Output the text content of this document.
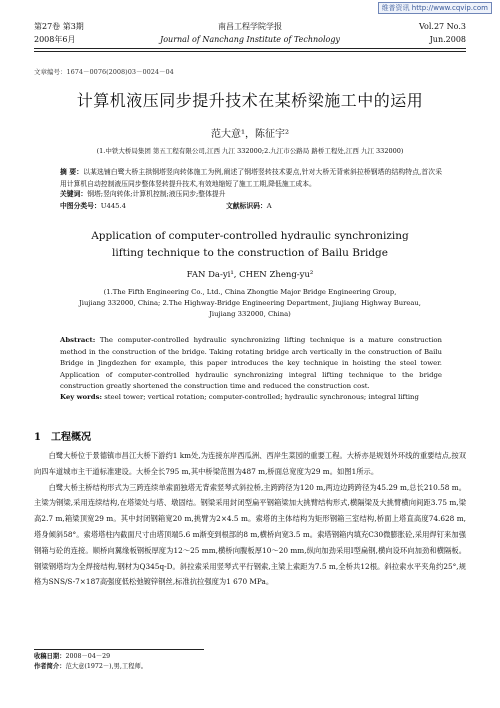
维普资讯 http://www.cqvip.com
第27卷 第3期	南昌工程学院学报	Vol.27 No.3
2008年6月	Journal of Nanchang Institute of Technology	Jun.2008
文章编号：1674－0076(2008)03－0024－04
计算机液压同步提升技术在某桥梁施工中的运用
范大意¹，陈征宇²
(1.中铁大桥局集团 第五工程有限公司,江西 九江 332000;2.九江市公路局 路桥工程处,江西 九江 332000)
摘 要：以某选铺白鹭大桥主拱钢塔竖向转体施工为例,阐述了钢塔竖转技术要点,针对大桥无背索斜拉桥钢塔的结构特点,首次采用计算机自动控制液压同步整体竖转提升技术,有效地缩短了施工工期,降低施工成本。
关键词：钢塔;竖向转体;计算机控制;液压同步;整体提升
中图分类号：U445.4	文献标识码：A
Application of computer-controlled hydraulic synchronizing
lifting technique to the construction of Bailu Bridge
FAN Da-yi¹, CHEN Zheng-yu²
(1.The Fifth Engineering Co., Ltd., China Zhongtie Major Bridge Engineering Group,
Jiujiang 332000, China; 2.The Highway-Bridge Engineering Department, Jiujiang Highway Bureau,
Jiujiang 332000, China)
Abstract: The computer-controlled hydraulic synchronizing lifting technique is a mature construction method in the construction of the bridge. Taking rotating bridge arch vertically in the construction of Bailu Bridge in Jingdezhen for example, this paper introduces the key technique in hoisting the steel tower. Application of computer-controlled hydraulic synchronizing integral lifting technique to the bridge construction greatly shortened the construction time and reduced the construction cost.
Key words: steel tower; vertical rotation; computer-controlled; hydraulic synchronous; integral lifting
1 工程概况

白鹭大桥位于景德镇市昌江大桥下游约1 km处,为连接东岸西瓜洲、西岸生菜园的重要工程。大桥亦是规划外环线的重要结点,按双向四车道城市主干道标准建设。大桥全长795 m,其中桥梁范围为487 m,桥面总宽度为29 m。如图1所示。

白鹭大桥主桥结构形式为三跨连续单索面独塔无背索竖琴式斜拉桥,主跨跨径为120 m,两边边跨跨径为45.29 m,总长210.58 m。主梁为钢梁,采用连续结构,在塔梁处与塔、墩固结。钢梁采用封闭型扁平钢箱梁加大挑臂结构形式,横隔梁及大挑臂横向间距3.75 m,梁高2.7 m,箱梁顶宽29 m。其中封闭钢箱宽20 m,挑臂为2×4.5 m。索塔的主体结构为矩形钢箱三室结构,桥面上塔直高度74.628 m,塔身倾斜58°。索塔塔柱内截面尺寸由塔顶端5.6 m渐变到根部的8 m,横桥向宽3.5 m。索塔钢箱内填充C30微膨胀砼,采用焊钉来加强钢箱与砼的连接。顺桥向翼缘板钢板厚度为12～25 mm,横桥向腹板厚10～20 mm,纵向加劲采用I型扁钢,横向设环向加劲和横隔板。钢梁钢塔均为全焊接结构,钢材为Q345q-D。斜拉索采用竖琴式平行钢索,主梁上索距为7.5 m,全桥共12根。斜拉索水平夹角约25°,规格为SNS/S-7×187高强度低松弛镀锌钢丝,标准抗拉强度为1 670 MPa。

收稿日期：2008－04－29
作者简介：范大意(1972－),男,工程师。
